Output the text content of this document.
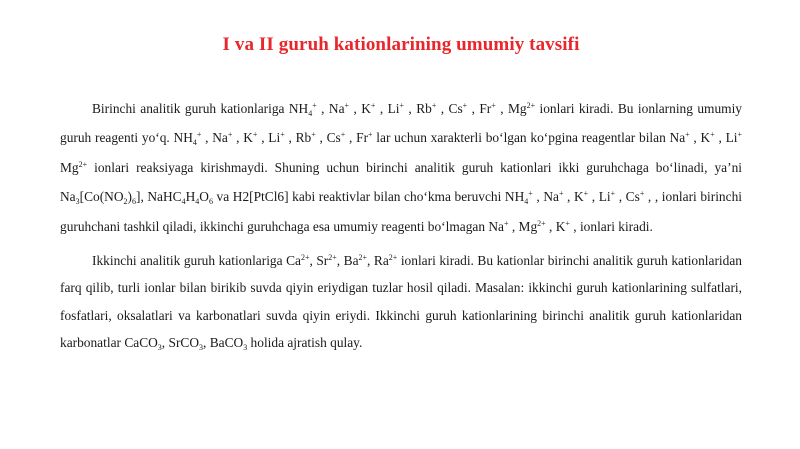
I va II guruh kationlarining umumiy tavsifi

Birinchi analitik guruh kationlariga $NH_4^+$ , Na+ , K+ , Li+ , Rb+ , Cs+ , Fr+ , $Mg^{2+}$ ionlari kiradi. Bu ionlarning umumiy guruh reagenti yoʻq. $NH_4^+$ , Na+ , K+ , Li+ , Rb+ , Cs+ , Fr+ lar uchun xarakterli boʻlgan koʻpgina reagentlar bilan Na+ , K+ , Li+ $Mg^{2+}$ ionlari reaksiyaga kirishmaydi. Shuning uchun birinchi analitik guruh kationlari ikki guruhchaga boʻlinadi, yaʼni $Na_3[Co(NO_2)_6]$, $NaHC_4H_4O_6$ va H2[PtCl6] kabi reaktivlar bilan choʻkma beruvchi $NH_4^+$ , Na+ , K+ , Li+ , Cs+ , , ionlari birinchi guruhchani tashkil qiladi, ikkinchi guruhchaga esa umumiy reagenti boʻlmagan Na+ , $Mg^{2+}$ , K+ , ionlari kiradi.

Ikkinchi analitik guruh kationlariga $Ca^{2+}$, $Sr^{2+}$, $Ba^{2+}$, $Ra^{2+}$ ionlari kiradi. Bu kationlar birinchi analitik guruh kationlaridan farq qilib, turli ionlar bilan birikib suvda qiyin eriydigan tuzlar hosil qiladi. Masalan: ikkinchi guruh kationlarining sulfatlari, fosfatlari, oksalatlari va karbonatlari suvda qiyin eriydi. Ikkinchi guruh kationlarining birinchi analitik guruh kationlaridan karbonatlar CaCO$_3$, SrCO$_3$, BaCO$_3$ holida ajratish qulay.
